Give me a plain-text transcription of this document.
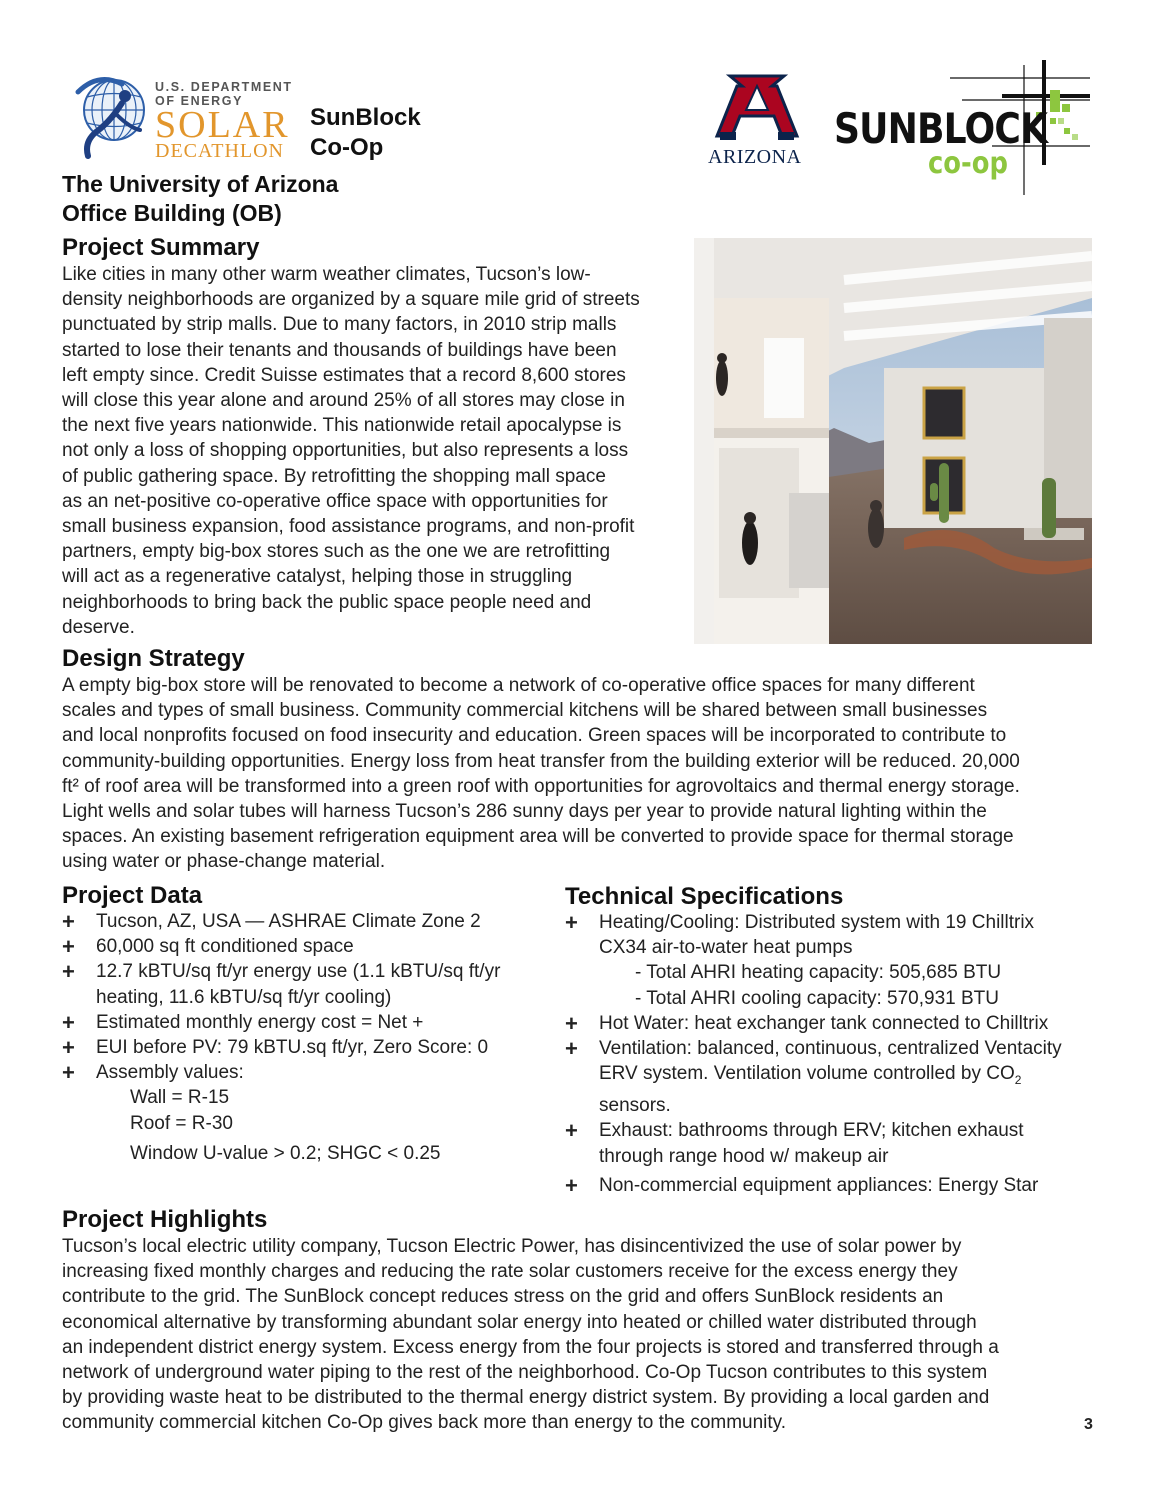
U.S. DEPARTMENT OF ENERGY
SOLAR
DECATHLON
SunBlock
Co-Op	ARIZONA
SUNBLOCK
co-op
The University of Arizona
Office Building (OB)
Project Summary
Like cities in many other warm weather climates, Tucson’s low-
density neighborhoods are organized by a square mile grid of streets
punctuated by strip malls. Due to many factors, in 2010 strip malls
started to lose their tenants and thousands of buildings have been
left empty since. Credit Suisse estimates that a record 8,600 stores
will close this year alone and around 25% of all stores may close in
the next five years nationwide. This nationwide retail apocalypse is
not only a loss of shopping opportunities, but also represents a loss
of public gathering space. By retrofitting the shopping mall space
as an net-positive co-operative office space with opportunities for
small business expansion, food assistance programs, and non-profit
partners, empty big-box stores such as the one we are retrofitting
will act as a regenerative catalyst, helping those in struggling
neighborhoods to bring back the public space people need and
deserve.
Design Strategy
A empty big-box store will be renovated to become a network of co-operative office spaces for many different
scales and types of small business. Community commercial kitchens will be shared between small businesses
and local nonprofits focused on food insecurity and education. Green spaces will be incorporated to contribute to
community-building opportunities. Energy loss from heat transfer from the building exterior will be reduced. 20,000
ft² of roof area will be transformed into a green roof with opportunities for agrovoltaics and thermal energy storage.
Light wells and solar tubes will harness Tucson’s 286 sunny days per year to provide natural lighting within the
spaces. An existing basement refrigeration equipment area will be converted to provide space for thermal storage
using water or phase-change material.
Project Data
+ Tucson, AZ, USA — ASHRAE Climate Zone 2
+ 60,000 sq ft conditioned space
+ 12.7 kBTU/sq ft/yr energy use (1.1 kBTU/sq ft/yr
heating, 11.6 kBTU/sq ft/yr cooling)
+ Estimated monthly energy cost = Net +
+ EUI before PV: 79 kBTU.sq ft/yr, Zero Score: 0
+ Assembly values:
Wall = R-15
Roof = R-30
Window U-value > 0.2; SHGC < 0.25
Technical Specifications
+ Heating/Cooling: Distributed system with 19 Chilltrix
CX34 air-to-water heat pumps
- Total AHRI heating capacity: 505,685 BTU
- Total AHRI cooling capacity: 570,931 BTU
+ Hot Water: heat exchanger tank connected to Chilltrix
+ Ventilation: balanced, continuous, centralized Ventacity
ERV system. Ventilation volume controlled by $CO_2$
sensors.
+ Exhaust: bathrooms through ERV; kitchen exhaust
through range hood w/ makeup air
+ Non-commercial equipment appliances: Energy Star
Project Highlights
Tucson’s local electric utility company, Tucson Electric Power, has disincentivized the use of solar power by
increasing fixed monthly charges and reducing the rate solar customers receive for the excess energy they
contribute to the grid. The SunBlock concept reduces stress on the grid and offers SunBlock residents an
economical alternative by transforming abundant solar energy into heated or chilled water distributed through
an independent district energy system. Excess energy from the four projects is stored and transferred through a
network of underground water piping to the rest of the neighborhood. Co-Op Tucson contributes to this system
by providing waste heat to be distributed to the thermal energy district system. By providing a local garden and
community commercial kitchen Co-Op gives back more than energy to the community.	3
